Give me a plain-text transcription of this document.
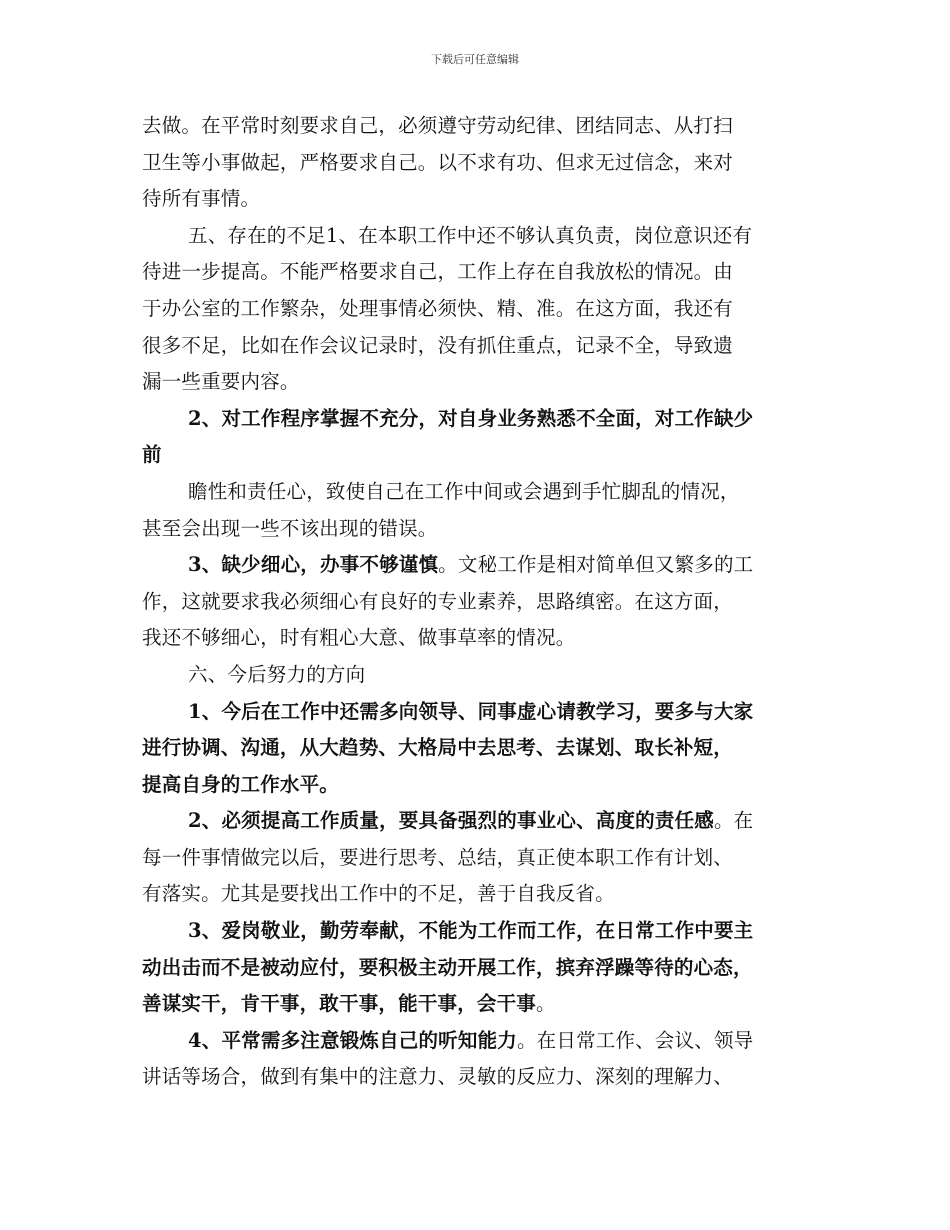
下载后可任意编辑
去做。在平常时刻要求自己，必须遵守劳动纪律、团结同志、从打扫
卫生等小事做起，严格要求自己。以不求有功、但求无过信念，来对
待所有事情。
五、存在的不足1、在本职工作中还不够认真负责，岗位意识还有
待进一步提高。不能严格要求自己，工作上存在自我放松的情况。由
于办公室的工作繁杂，处理事情必须快、精、准。在这方面，我还有
很多不足，比如在作会议记录时，没有抓住重点，记录不全，导致遗
漏一些重要内容。
2、对工作程序掌握不充分，对自身业务熟悉不全面，对工作缺少
前
瞻性和责任心，致使自己在工作中间或会遇到手忙脚乱的情况，
甚至会出现一些不该出现的错误。
3、缺少细心，办事不够谨慎。文秘工作是相对简单但又繁多的工
作，这就要求我必须细心有良好的专业素养，思路缜密。在这方面，
我还不够细心，时有粗心大意、做事草率的情况。
六、今后努力的方向
1、今后在工作中还需多向领导、同事虚心请教学习，要多与大家
进行协调、沟通，从大趋势、大格局中去思考、去谋划、取长补短，
提高自身的工作水平。
2、必须提高工作质量，要具备强烈的事业心、高度的责任感。在
每一件事情做完以后，要进行思考、总结，真正使本职工作有计划、
有落实。尤其是要找出工作中的不足，善于自我反省。
3、爱岗敬业，勤劳奉献，不能为工作而工作，在日常工作中要主
动出击而不是被动应付，要积极主动开展工作，摈弃浮躁等待的心态，
善谋实干，肯干事，敢干事，能干事，会干事。
4、平常需多注意锻炼自己的听知能力。在日常工作、会议、领导
讲话等场合，做到有集中的注意力、灵敏的反应力、深刻的理解力、
